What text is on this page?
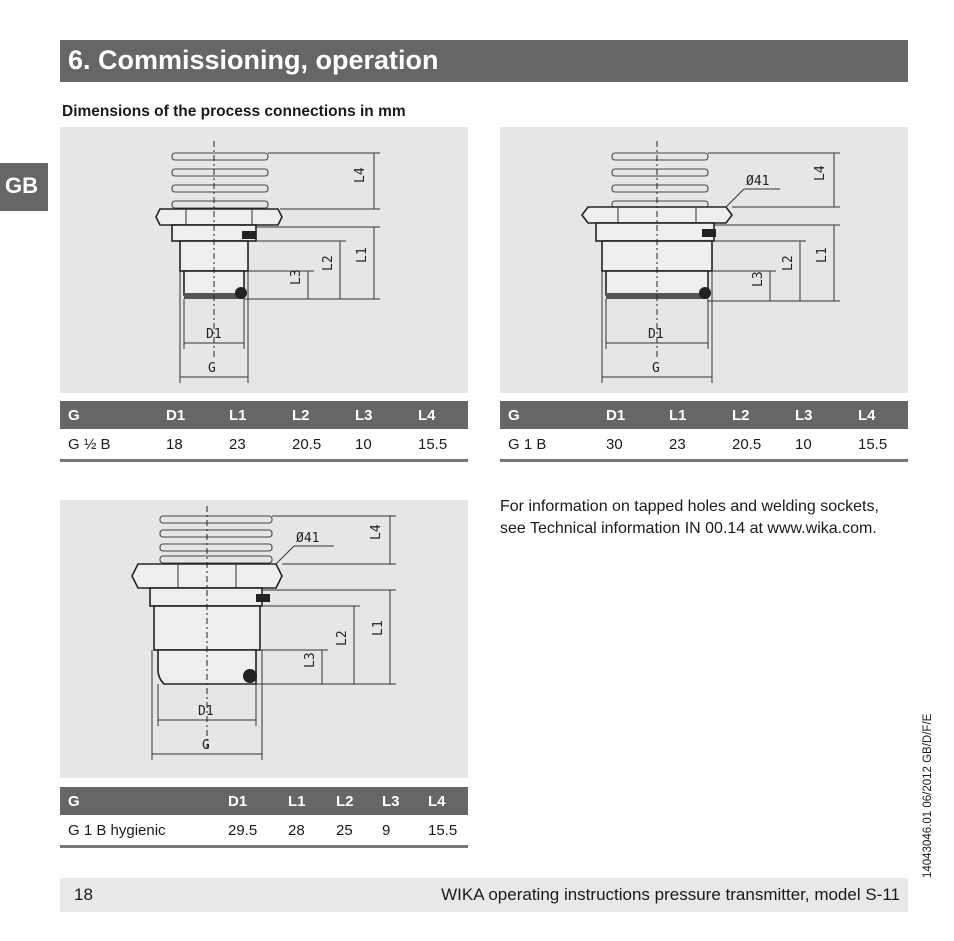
6. Commissioning, operation
Dimensions of the process connections in mm
GB	L4
L1
L2
L3
D1
G
G	D1	L1	L2	L3	L4
G ½ B	18	23	20.5	10	15.5
Ø41
L4
L1
L2
L3
D1
G
G	D1	L1	L2	L3	L4
G 1 B	30	23	20.5	10	15.5
Ø41	L4
L1
L2
L3
D1
G
G	D1	L1	L2	L3	L4
G 1 B hygienic	29.5	28	25	9	15.5
For information on tapped holes and welding sockets, see Technical information IN 00.14 at www.wika.com.
18	WIKA operating instructions pressure transmitter, model S-11
14043046.01 06/2012 GB/D/F/E
